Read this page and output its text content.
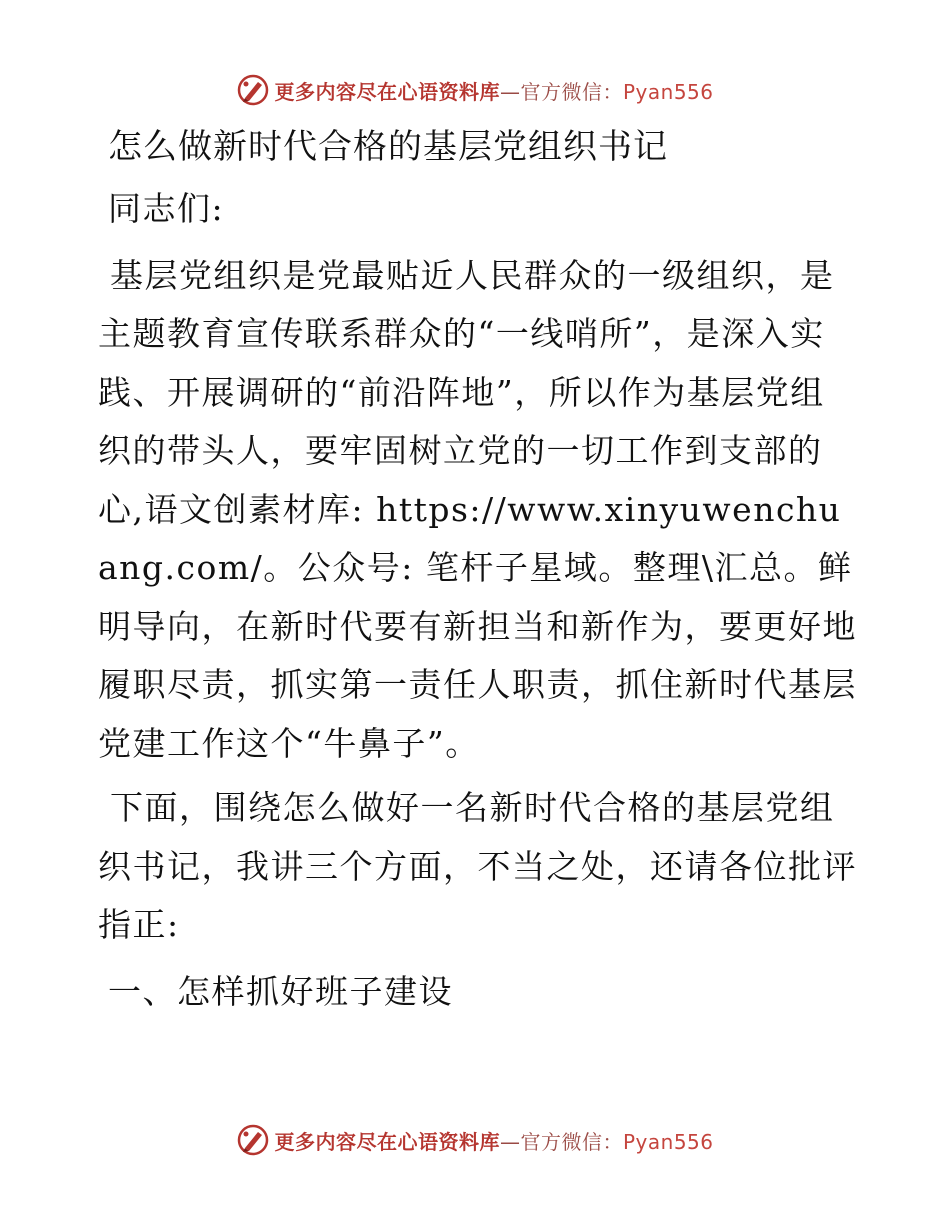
更多内容尽在心语资料库—官方微信：Pyan556
怎么做新时代合格的基层党组织书记

同志们:

基层党组织是党最贴近人民群众的一级组织，是主题教育宣传联系群众的“一线哨所”，是深入实践、开展调研的“前沿阵地”，所以作为基层党组织的带头人，要牢固树立党的一切工作到支部的心,语文创素材库: https://www.xinyuwenchuang.com/。公众号: 笔杆子星域。整理\汇总。鲜明导向，在新时代要有新担当和新作为，要更好地履职尽责，抓实第一责任人职责，抓住新时代基层党建工作这个“牛鼻子”。

下面，围绕怎么做好一名新时代合格的基层党组织书记，我讲三个方面，不当之处，还请各位批评指正:

一、怎样抓好班子建设

更多内容尽在心语资料库—官方微信：Pyan556
